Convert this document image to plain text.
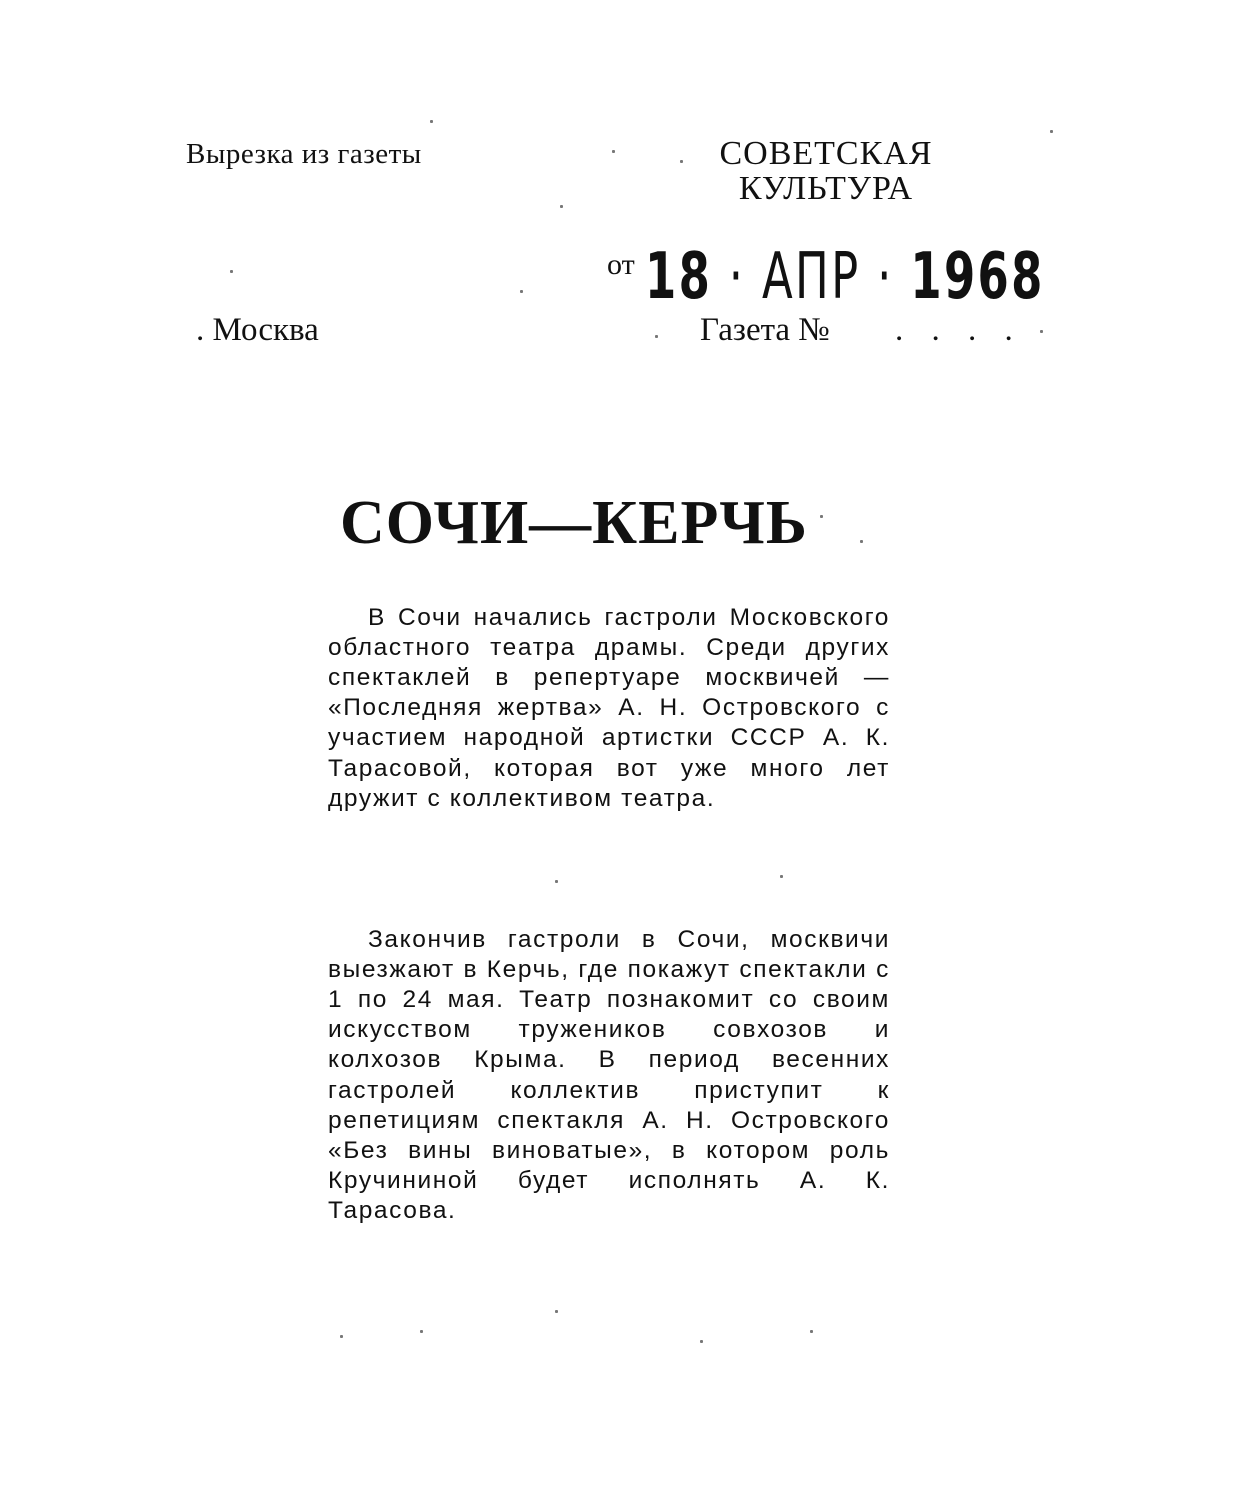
Вырезка из газеты	СОВЕТСКАЯ
КУЛЬТУРА
от 18 · АПР · 1968
. Москва	Газета № . . . .
СОЧИ—КЕРЧЬ

В Сочи начались гастроли Московского областного театра драмы. Среди других спектаклей в репертуаре москвичей — «Последняя жертва» А. Н. Островского с участием народной артистки СССР А. К. Тарасовой, которая вот уже много лет дружит с коллективом театра.

Закончив гастроли в Сочи, москвичи выезжают в Керчь, где покажут спектакли с 1 по 24 мая. Театр познакомит со своим искусством тружеников совхозов и колхозов Крыма. В период весенних гастролей коллектив приступит к репетициям спектакля А. Н. Островского «Без вины виноватые», в котором роль Кручининой будет исполнять А. К. Тарасова.
